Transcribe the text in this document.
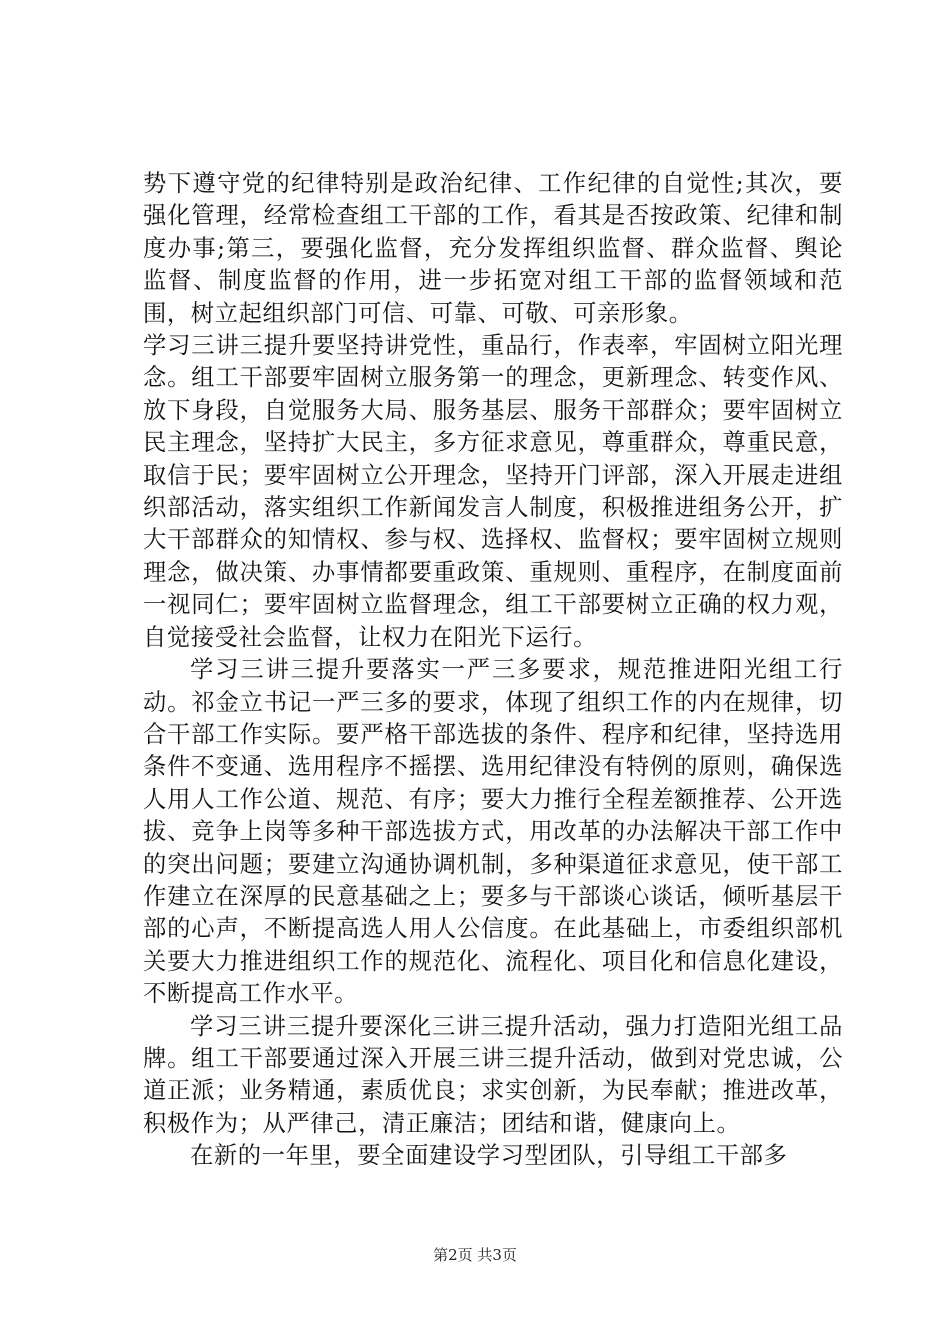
势下遵守党的纪律特别是政治纪律、工作纪律的自觉性;其次，要强化管理，经常检查组工干部的工作，看其是否按政策、纪律和制度办事;第三，要强化监督，充分发挥组织监督、群众监督、舆论监督、制度监督的作用，进一步拓宽对组工干部的监督领域和范围，树立起组织部门可信、可靠、可敬、可亲形象。

学习三讲三提升要坚持讲党性，重品行，作表率，牢固树立阳光理念。组工干部要牢固树立服务第一的理念，更新理念、转变作风、放下身段，自觉服务大局、服务基层、服务干部群众；要牢固树立民主理念，坚持扩大民主，多方征求意见，尊重群众，尊重民意，取信于民；要牢固树立公开理念，坚持开门评部，深入开展走进组织部活动，落实组织工作新闻发言人制度，积极推进组务公开，扩大干部群众的知情权、参与权、选择权、监督权；要牢固树立规则理念，做决策、办事情都要重政策、重规则、重程序，在制度面前一视同仁；要牢固树立监督理念，组工干部要树立正确的权力观，自觉接受社会监督，让权力在阳光下运行。

学习三讲三提升要落实一严三多要求，规范推进阳光组工行动。祁金立书记一严三多的要求，体现了组织工作的内在规律，切合干部工作实际。要严格干部选拔的条件、程序和纪律，坚持选用条件不变通、选用程序不摇摆、选用纪律没有特例的原则，确保选人用人工作公道、规范、有序；要大力推行全程差额推荐、公开选拔、竞争上岗等多种干部选拔方式，用改革的办法解决干部工作中的突出问题；要建立沟通协调机制，多种渠道征求意见，使干部工作建立在深厚的民意基础之上；要多与干部谈心谈话，倾听基层干部的心声，不断提高选人用人公信度。在此基础上，市委组织部机关要大力推进组织工作的规范化、流程化、项目化和信息化建设，不断提高工作水平。

学习三讲三提升要深化三讲三提升活动，强力打造阳光组工品牌。组工干部要通过深入开展三讲三提升活动，做到对党忠诚，公道正派；业务精通，素质优良；求实创新，为民奉献；推进改革，积极作为；从严律己，清正廉洁；团结和谐，健康向上。

在新的一年里，要全面建设学习型团队，引导组工干部多

第2页 共3页
